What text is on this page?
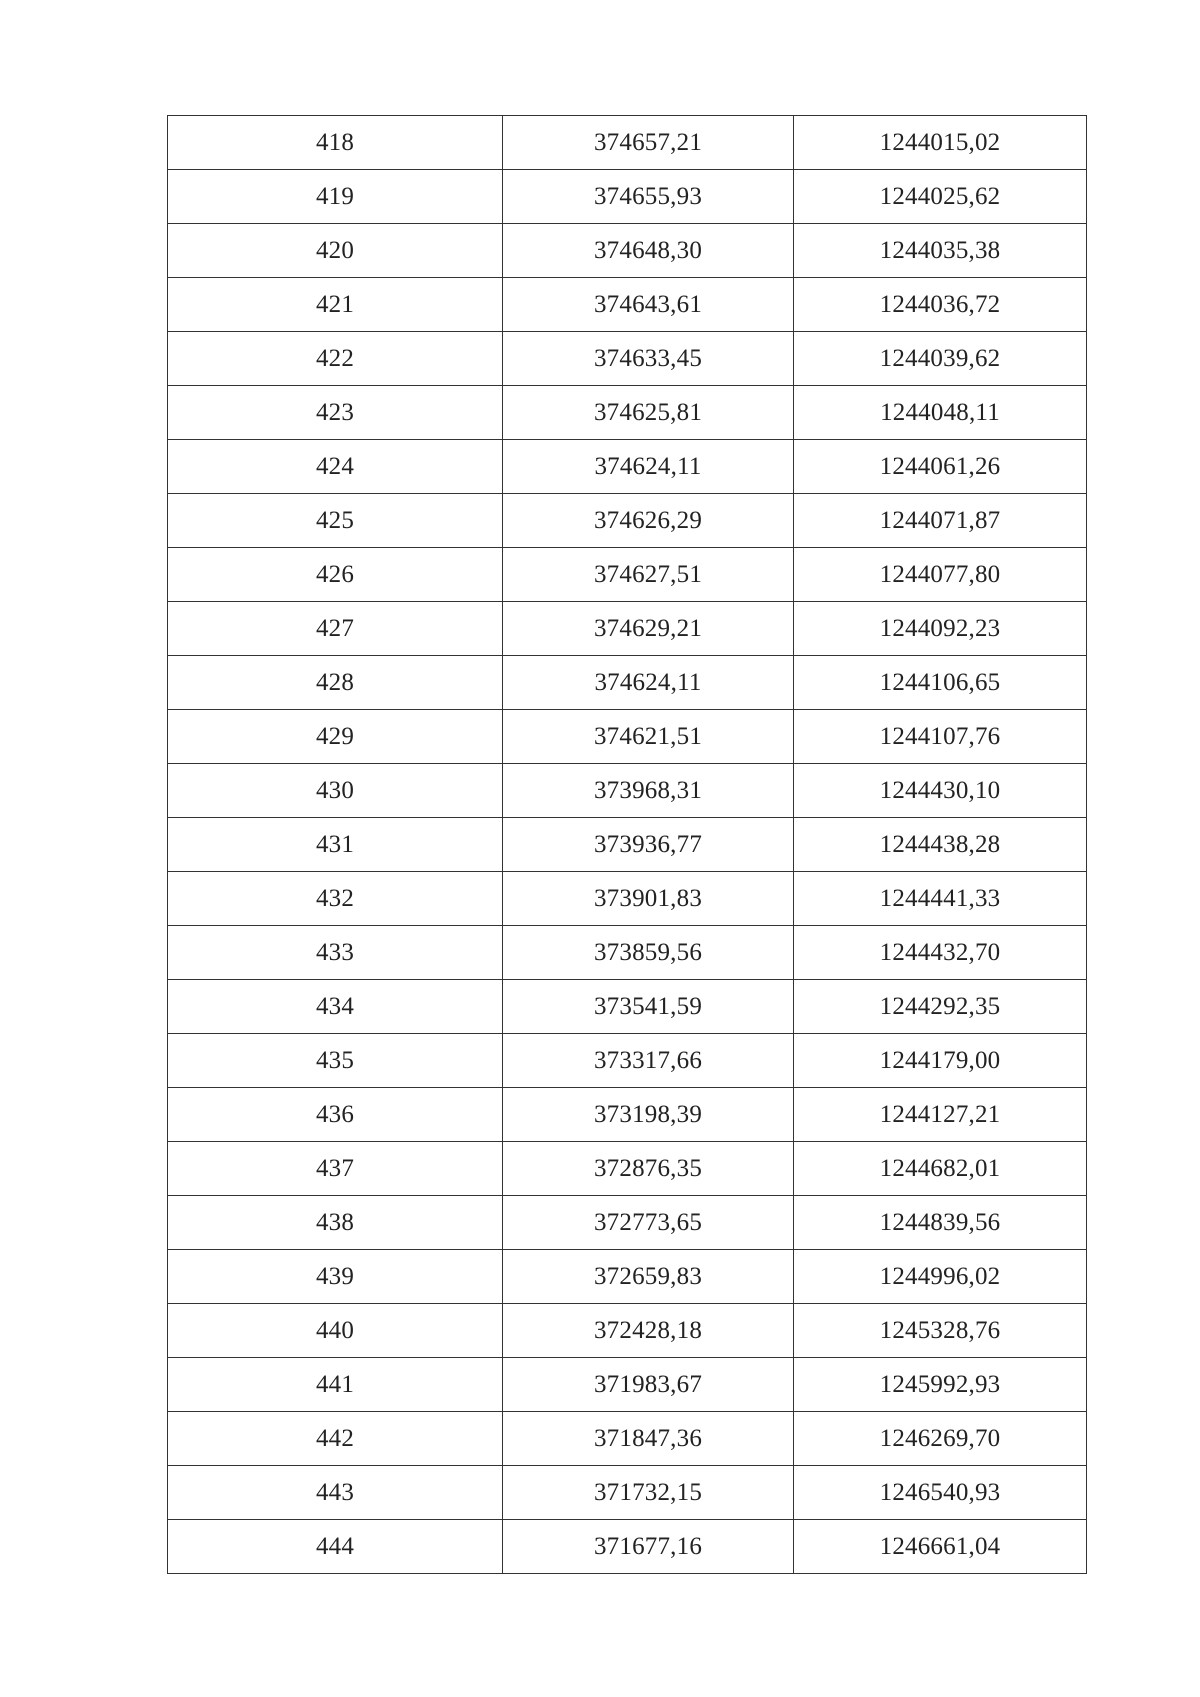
418	374657,21	1244015,02
419	374655,93	1244025,62
420	374648,30	1244035,38
421	374643,61	1244036,72
422	374633,45	1244039,62
423	374625,81	1244048,11
424	374624,11	1244061,26
425	374626,29	1244071,87
426	374627,51	1244077,80
427	374629,21	1244092,23
428	374624,11	1244106,65
429	374621,51	1244107,76
430	373968,31	1244430,10
431	373936,77	1244438,28
432	373901,83	1244441,33
433	373859,56	1244432,70
434	373541,59	1244292,35
435	373317,66	1244179,00
436	373198,39	1244127,21
437	372876,35	1244682,01
438	372773,65	1244839,56
439	372659,83	1244996,02
440	372428,18	1245328,76
441	371983,67	1245992,93
442	371847,36	1246269,70
443	371732,15	1246540,93
444	371677,16	1246661,04
